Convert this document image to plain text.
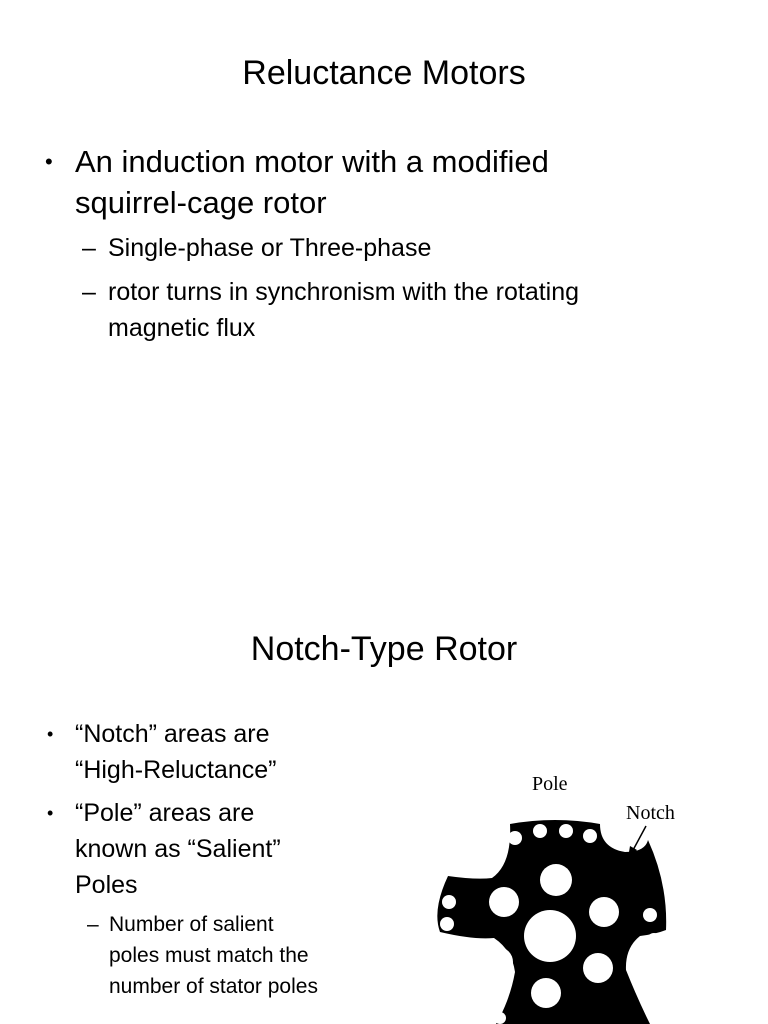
Reluctance Motors
• An induction motor with a modified
squirrel-cage rotor
– Single-phase or Three-phase
– rotor turns in synchronism with the rotating
magnetic flux
Notch-Type Rotor
• “Notch” areas are
“High-Reluctance”
• “Pole” areas are
known as “Salient”
Poles
– Number of salient
poles must match the
number of stator poles
Pole
Notch
